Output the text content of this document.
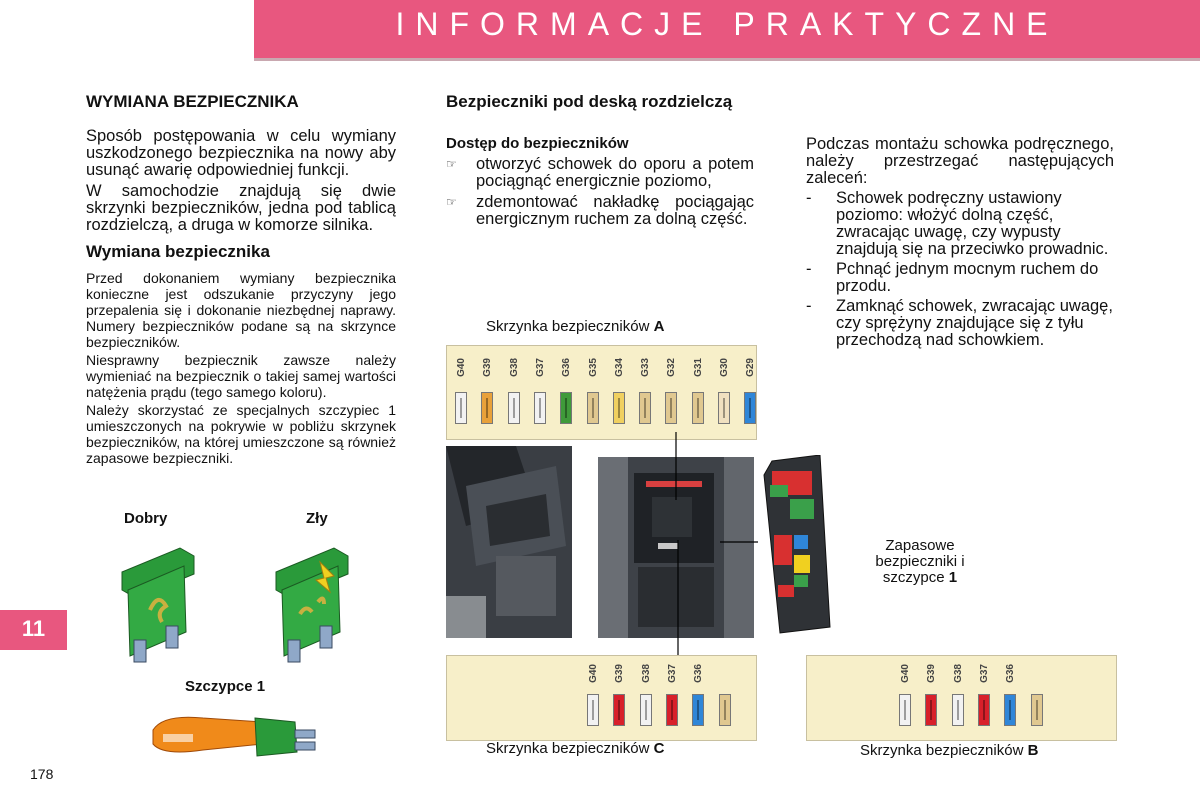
INFORMACJE PRAKTYCZNE
11
178
WYMIANA BEZPIECZNIKA

Sposób postępowania w celu wymiany uszkodzonego bezpiecznika na nowy aby usunąć awarię odpowiedniej funkcji.

W samochodzie znajdują się dwie skrzynki bezpieczników, jedna pod tablicą rozdzielczą, a druga w komorze silnika.

Wymiana bezpiecznika

Przed dokonaniem wymiany bezpiecznika konieczne jest odszukanie przyczyny jego przepalenia się i dokonanie niezbędnej naprawy. Numery bezpieczników podane są na skrzynce bezpieczników.

Niesprawny bezpiecznik zawsze należy wymieniać na bezpiecznik o takiej samej wartości natężenia prądu (tego samego koloru).

Należy skorzystać ze specjalnych szczypiec 1 umieszczonych na pokrywie w pobliżu skrzynek bezpieczników, na której umieszczone są również zapasowe bezpieczniki.

Dobry	Zły
Szczypce 1
Bezpieczniki pod deską rozdzielczą
Dostęp do bezpieczników
☞ otworzyć schowek do oporu a potem pociągnąć energicznie poziomo,
☞ zdemontować nakładkę pociągając energicznym ruchem za dolną część.

Podczas montażu schowka podręcznego, należy przestrzegać następujących zaleceń:

- Schowek podręczny ustawiony poziomo: włożyć dolną część, zwracając uwagę, czy wypusty znajdują się na przeciwko prowadnic.
- Pchnąć jednym mocnym ruchem do przodu.
- Zamknąć schowek, zwracając uwagę, czy sprężyny znajdujące się z tyłu przechodzą nad schowkiem.
Skrzynka bezpieczników A
G40 G39 G38 G37 G36 G35 G34 G33 G32 G31 G30 G29
Zapasowe
bezpieczniki i
szczypce 1
G40 G39 G38 G37 G36
Skrzynka bezpieczników C
G40 G39 G38 G37 G36
Skrzynka bezpieczników B
